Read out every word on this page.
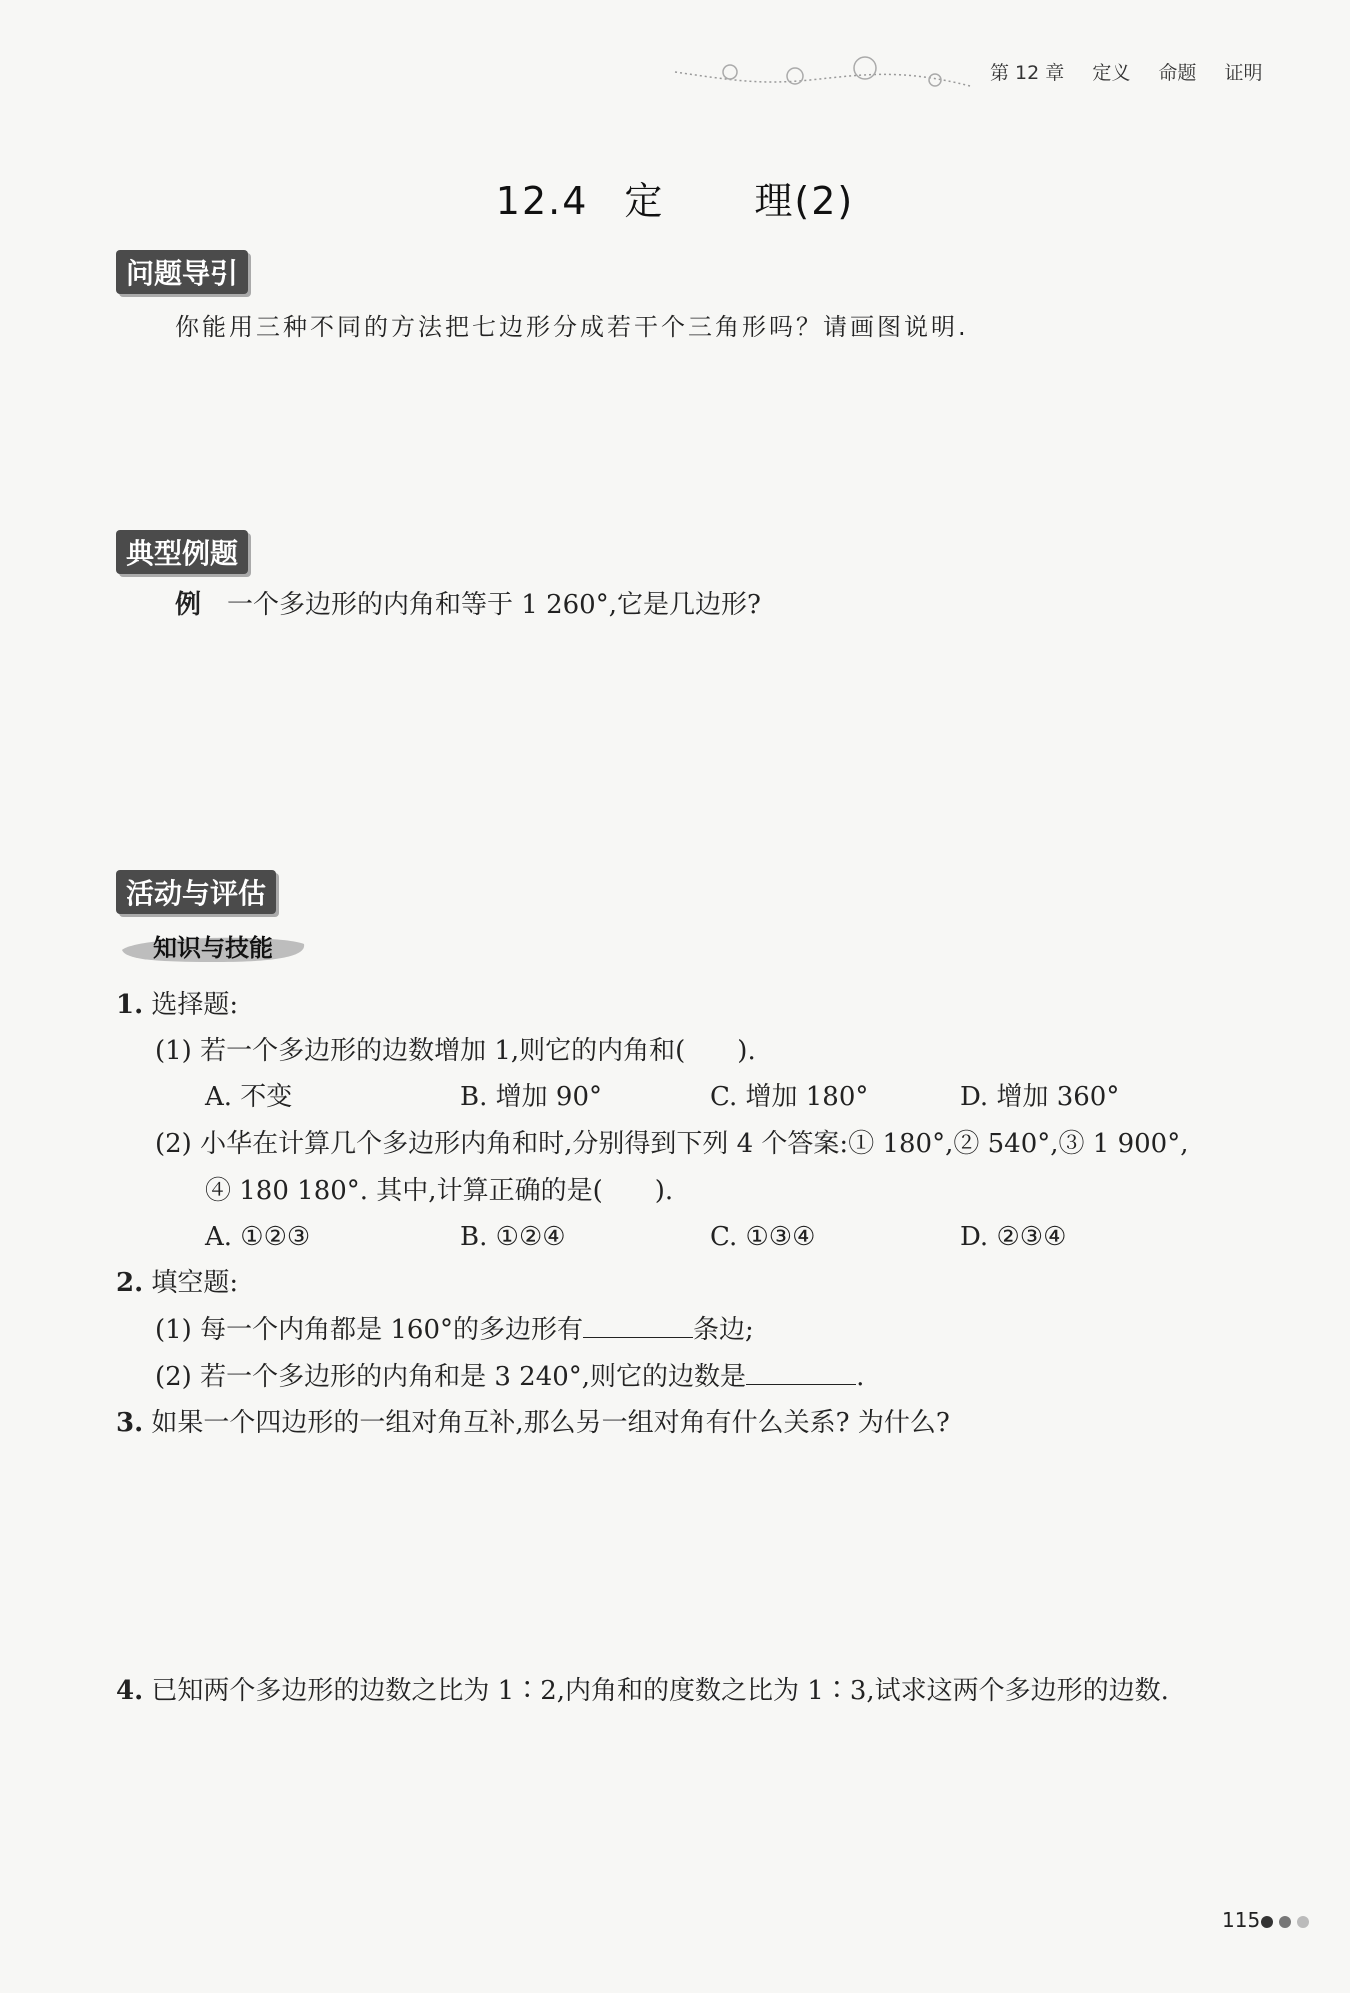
第 12 章 定义 命题 证明
12.4 定 理(2)
问题导引
你能用三种不同的方法把七边形分成若干个三角形吗？请画图说明.
典型例题
例 一个多边形的内角和等于 1 260°,它是几边形?
活动与评估
知识与技能
1. 选择题:
(1) 若一个多边形的边数增加 1,则它的内角和(　　).
A. 不变	B. 增加 90°	C. 增加 180°	D. 增加 360°
(2) 小华在计算几个多边形内角和时,分别得到下列 4 个答案:① 180°,② 540°,③ 1 900°,
④ 180 180°. 其中,计算正确的是(　　).
A. ①②③	B. ①②④	C. ①③④	D. ②③④
2. 填空题:
(1) 每一个内角都是 160°的多边形有	条边;
(2) 若一个多边形的内角和是 3 240°,则它的边数是	.
3. 如果一个四边形的一组对角互补,那么另一组对角有什么关系? 为什么?
4. 已知两个多边形的边数之比为 1∶2,内角和的度数之比为 1∶3,试求这两个多边形的边数.
115
